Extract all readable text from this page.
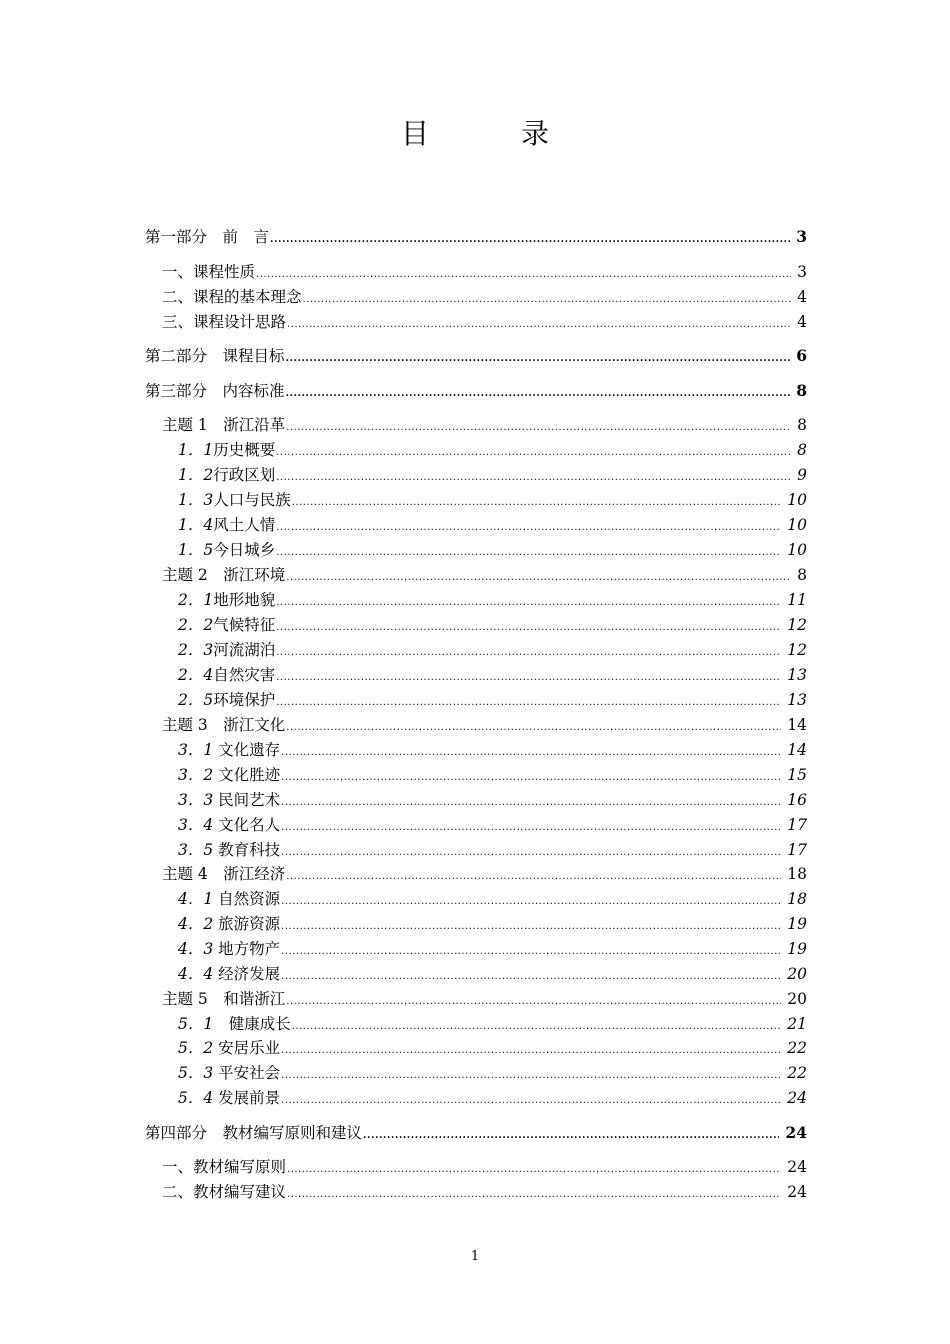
目	录
第一部分　前　言 .....	3
一、课程性质 .....	3
二、课程的基本理念 .....	4
三、课程设计思路 .....	4
第二部分　课程目标 .....	6
第三部分　内容标准 .....	8
主题 1　浙江沿革 .....	8
1．1历史概要 .....	8
1．2行政区划 .....	9
1．3人口与民族 .....	10
1．4风土人情 .....	10
1．5今日城乡 .....	10
主题 2　浙江环境 .....	8
2．1地形地貌 .....	11
2．2气候特征 .....	12
2．3河流湖泊 .....	12
2．4自然灾害 .....	13
2．5环境保护 .....	13
主题 3　浙江文化 .....	14
3．1 文化遗存 .....	14
3．2 文化胜迹 .....	15
3．3 民间艺术 .....	16
3．4 文化名人 .....	17
3．5 教育科技 .....	17
主题 4　浙江经济 .....	18
4．1 自然资源 .....	18
4．2 旅游资源 .....	19
4．3 地方物产 .....	19
4．4 经济发展 .....	20
主题 5　和谐浙江 .....	20
5．1　健康成长 .....	21
5．2 安居乐业 .....	22
5．3 平安社会 .....	22
5．4 发展前景 .....	24
第四部分　教材编写原则和建议 .....	24
一、教材编写原则 .....	24
二、教材编写建议 .....	24
1
